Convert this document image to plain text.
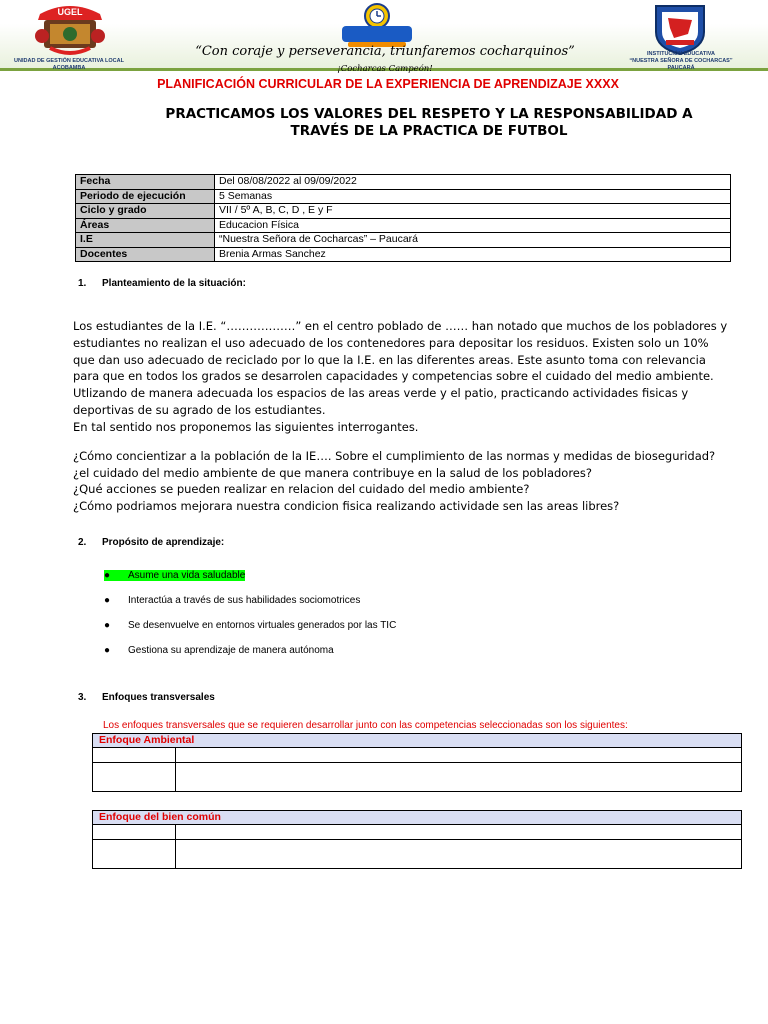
UGEL
UNIDAD DE GESTIÓN EDUCATIVA LOCAL
ACOBAMBA
“Con coraje y perseverancia, triunfaremos cocharquinos”
¡Cocharcas Campeón!
INSTITUCIÓN EDUCATIVA
“NUESTRA SEÑORA DE COCHARCAS”
PAUCARÁ
PLANIFICACIÓN CURRICULAR DE LA EXPERIENCIA DE APRENDIZAJE XXXX
PRACTICAMOS LOS VALORES DEL RESPETO Y LA RESPONSABILIDAD A
TRAVÉS DE LA PRACTICA DE FUTBOL
Fecha	Del 08/08/2022 al 09/09/2022
Periodo de ejecución	5 Semanas
Ciclo y grado	VII / 5º A, B, C, D , E y F
Áreas	Educacion Física
I.E	“Nuestra Señora de Cocharcas” – Paucará
Docentes	Brenia Armas Sanchez
1. Planteamiento de la situación:

Los estudiantes de la I.E. “………………” en el centro poblado de …… han notado que muchos de los pobladores y

estudiantes no realizan el uso adecuado de los contenedores para depositar los residuos. Existen solo un 10%

que dan uso adecuado de reciclado por lo que la I.E. en las diferentes areas. Este asunto toma con relevancia

para que en todos los grados se desarrolen capacidades y competencias sobre el cuidado del medio ambiente.

Utlizando de manera adecuada los espacios de las areas verde y el patio, practicando actividades fisicas y

deportivas de su agrado de los estudiantes.

En tal sentido nos proponemos las siguientes interrogantes.

¿Cómo concientizar a la población de la IE…. Sobre el cumplimiento de las normas y medidas de bioseguridad?

¿el cuidado del medio ambiente de que manera contribuye en la salud de los pobladores?

¿Qué acciones se pueden realizar en relacion del cuidado del medio ambiente?

¿Cómo podriamos mejorara nuestra condicion fisica realizando actividade sen las areas libres?

2. Propósito de aprendizaje:
● Asume una vida saludable
● Interactúa a través de sus habilidades sociomotrices
● Se desenvuelve en entornos virtuales generados por las TIC
● Gestiona su aprendizaje de manera autónoma
3. Enfoques transversales
Los enfoques transversales que se requieren desarrollar junto con las competencias seleccionadas son los siguientes:
Enfoque Ambiental	

Enfoque del bien común	
